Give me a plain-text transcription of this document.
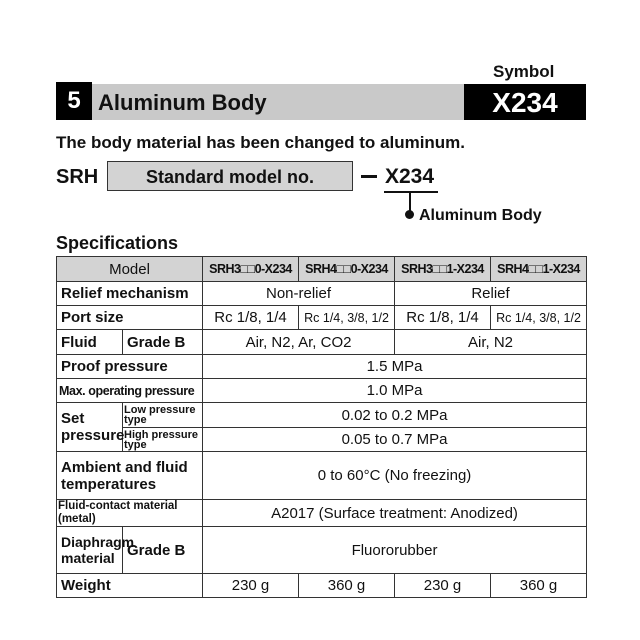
Symbol
5 Aluminum Body	X234
The body material has been changed to aluminum.
SRH	Standard model no.	X234
Aluminum Body
Specifications
Model		SRH3□□0-X234	SRH4□□0-X234	SRH3□□1-X234	SRH4□□1-X234
Relief mechanism		Non-relief		Relief	
Port size		Rc 1/8, 1/4	Rc 1/4, 3/8, 1/2	Rc 1/8, 1/4	Rc 1/4, 3/8, 1/2
Fluid	Grade B	Air, N2, Ar, CO2		Air, N2	
Proof pressure		1.5 MPa			
Max. operating pressure		1.0 MPa			
Set pressure	Low pressure type	0.02 to 0.2 MPa			
	High pressure type	0.05 to 0.7 MPa			
Ambient and fluid temperatures		0 to 60°C (No freezing)			
Fluid-contact material (metal)		A2017 (Surface treatment: Anodized)			
Diaphragm material	Grade B	Fluororubber			
Weight		230 g	360 g	230 g	360 g
